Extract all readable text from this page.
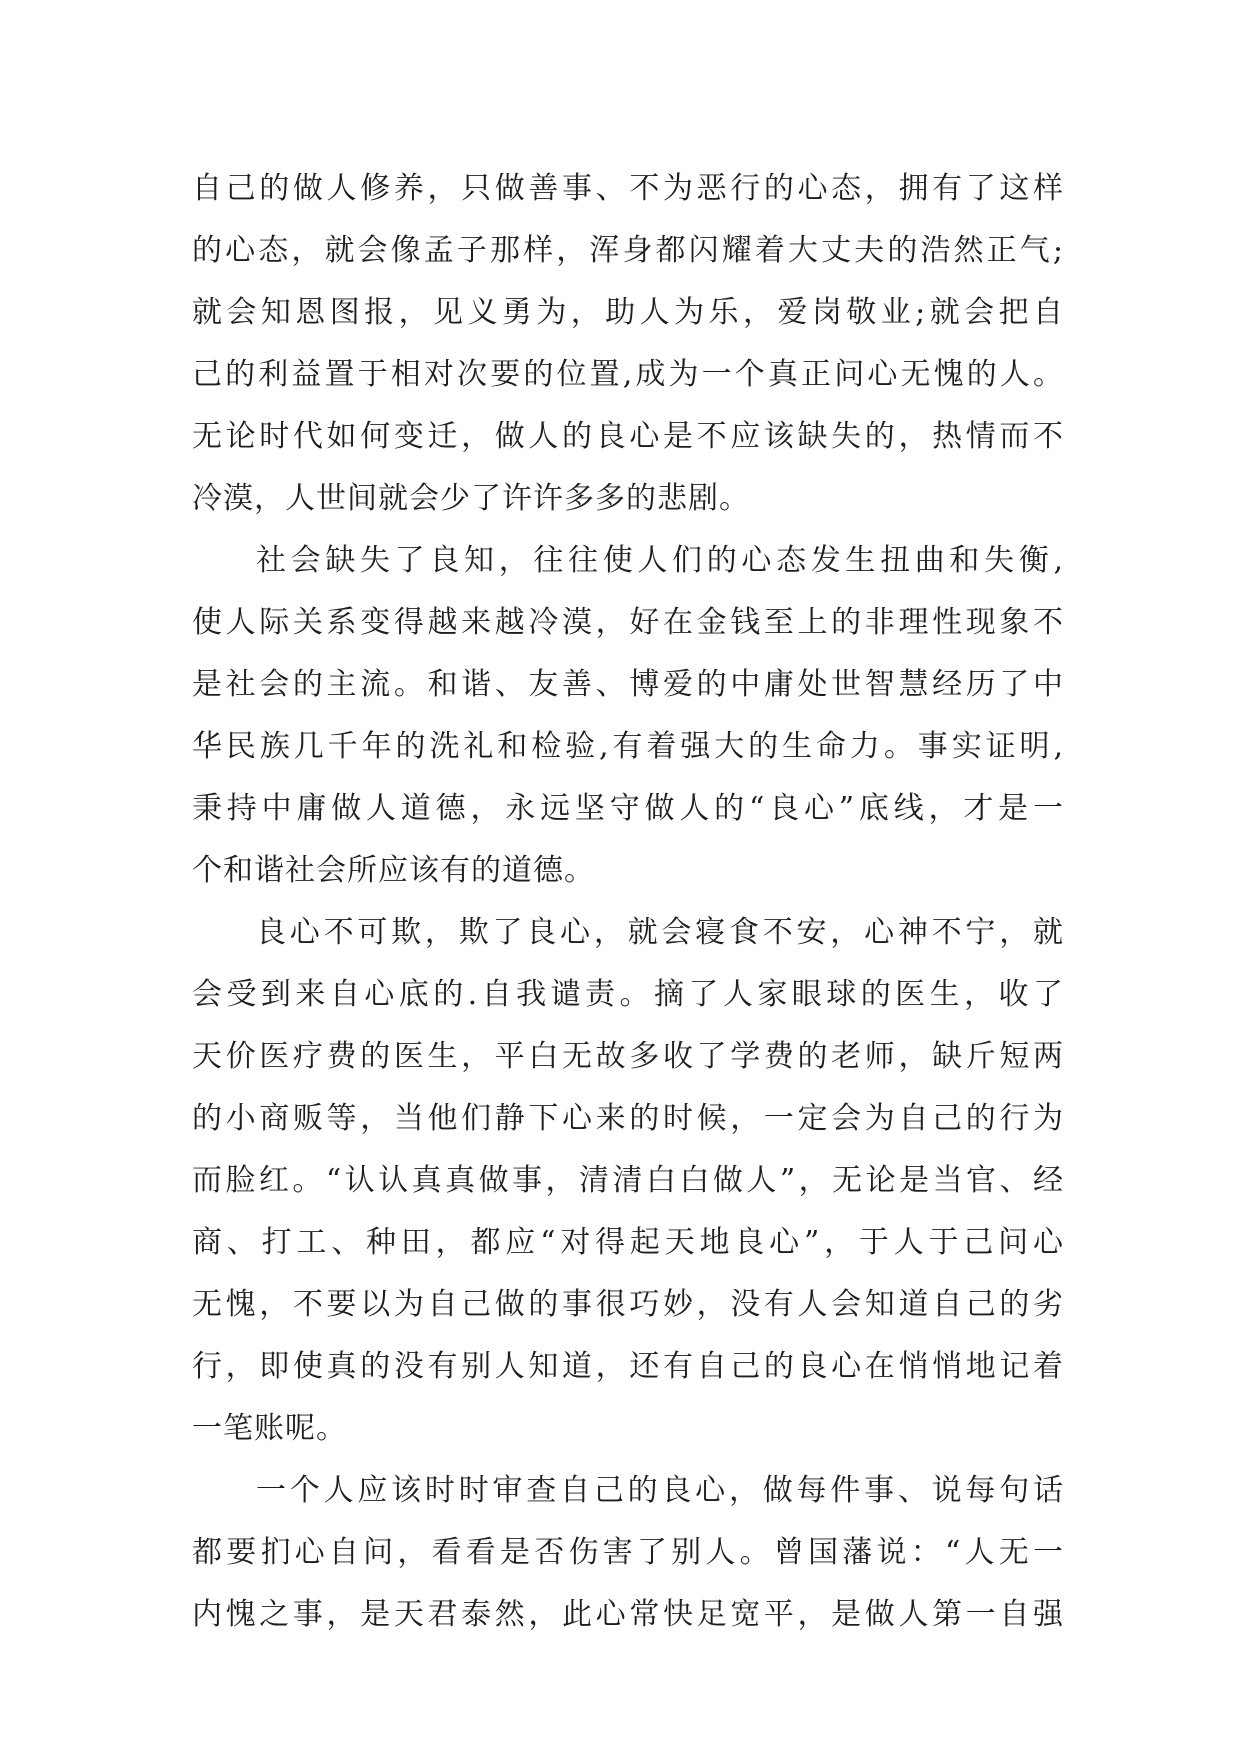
自己的做人修养，只做善事、不为恶行的心态，拥有了这样
的心态，就会像孟子那样，浑身都闪耀着大丈夫的浩然正气;
就会知恩图报，见义勇为，助人为乐，爱岗敬业;就会把自
己的利益置于相对次要的位置,成为一个真正问心无愧的人。
无论时代如何变迁，做人的良心是不应该缺失的，热情而不
冷漠，人世间就会少了许许多多的悲剧。
社会缺失了良知，往往使人们的心态发生扭曲和失衡,
使人际关系变得越来越冷漠，好在金钱至上的非理性现象不
是社会的主流。和谐、友善、博爱的中庸处世智慧经历了中
华民族几千年的洗礼和检验,有着强大的生命力。事实证明,
秉持中庸做人道德，永远坚守做人的“良心”底线，才是一
个和谐社会所应该有的道德。
良心不可欺，欺了良心，就会寝食不安，心神不宁，就
会受到来自心底的.自我谴责。摘了人家眼球的医生，收了
天价医疗费的医生，平白无故多收了学费的老师，缺斤短两
的小商贩等，当他们静下心来的时候，一定会为自己的行为
而脸红。“认认真真做事，清清白白做人”，无论是当官、经
商、打工、种田，都应“对得起天地良心”，于人于己问心
无愧，不要以为自己做的事很巧妙，没有人会知道自己的劣
行，即使真的没有别人知道，还有自己的良心在悄悄地记着
一笔账呢。
一个人应该时时审查自己的良心，做每件事、说每句话
都要扪心自问，看看是否伤害了别人。曾国藩说：“人无一
内愧之事，是天君泰然，此心常快足宽平，是做人第一自强
